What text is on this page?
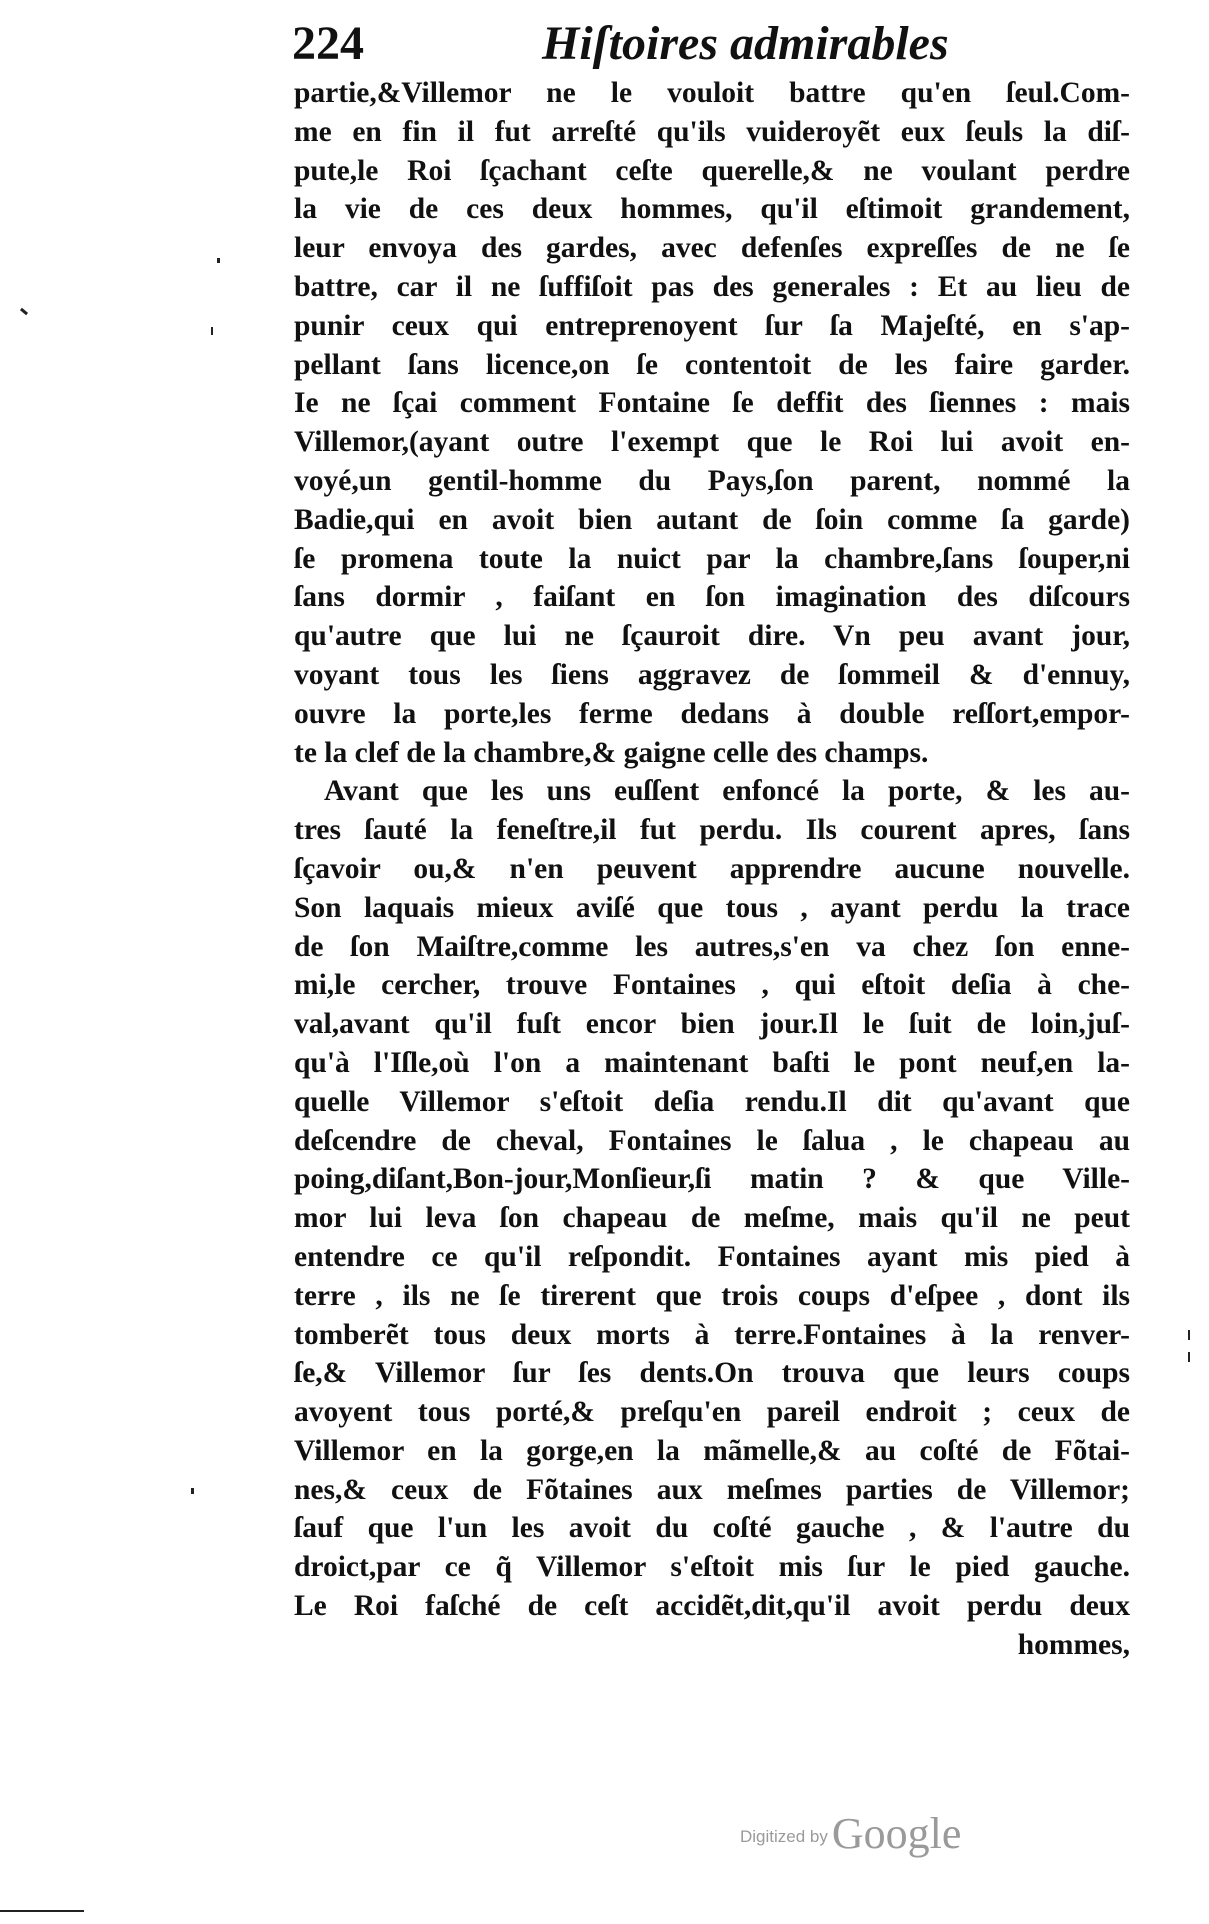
224	Hiſtoires admirables
partie,&Villemor ne le vouloit battre qu'en ſeul.Com-
me en fin il fut arreſté qu'ils vuideroyẽt eux ſeuls la diſ-
pute,le Roi ſçachant ceſte querelle,& ne voulant perdre
la vie de ces deux hommes, qu'il eſtimoit grandement,
leur envoya des gardes, avec defenſes expreſſes de ne ſe
battre, car il ne ſuffiſoit pas des generales : Et au lieu de
punir ceux qui entreprenoyent ſur ſa Majeſté, en s'ap-
pellant ſans licence,on ſe contentoit de les faire garder.
Ie ne ſçai comment Fontaine ſe deffit des ſiennes : mais
Villemor,(ayant outre l'exempt que le Roi lui avoit en-
voyé,un gentil-homme du Pays,ſon parent, nommé la
Badie,qui en avoit bien autant de ſoin comme ſa garde)
ſe promena toute la nuict par la chambre,ſans ſouper,ni
ſans dormir , faiſant en ſon imagination des diſcours
qu'autre que lui ne ſçauroit dire. Vn peu avant jour,
voyant tous les ſiens aggravez de ſommeil & d'ennuy,
ouvre la porte,les ferme dedans à double reſſort,empor-
te la clef de la chambre,& gaigne celle des champs.
Avant que les uns euſſent enfoncé la porte, & les au-
tres ſauté la feneſtre,il fut perdu. Ils courent apres, ſans
ſçavoir ou,& n'en peuvent apprendre aucune nouvelle.
Son laquais mieux aviſé que tous , ayant perdu la trace
de ſon Maiſtre,comme les autres,s'en va chez ſon enne-
mi,le cercher, trouve Fontaines , qui eſtoit deſia à che-
val,avant qu'il fuſt encor bien jour.Il le ſuit de loin,juſ-
qu'à l'Iſle,où l'on a maintenant baſti le pont neuf,en la-
quelle Villemor s'eſtoit deſia rendu.Il dit qu'avant que
deſcendre de cheval, Fontaines le ſalua , le chapeau au
poing,diſant,Bon-jour,Monſieur,ſi matin ? & que Ville-
mor lui leva ſon chapeau de meſme, mais qu'il ne peut
entendre ce qu'il reſpondit. Fontaines ayant mis pied à
terre , ils ne ſe tirerent que trois coups d'eſpee , dont ils
tomberẽt tous deux morts à terre.Fontaines à la renver-
ſe,& Villemor ſur ſes dents.On trouva que leurs coups
avoyent tous porté,& preſqu'en pareil endroit ; ceux de
Villemor en la gorge,en la mãmelle,& au coſté de Fõtai-
nes,& ceux de Fõtaines aux meſmes parties de Villemor;
ſauf que l'un les avoit du coſté gauche , & l'autre du
droict,par ce q̃ Villemor s'eſtoit mis ſur le pied gauche.
Le Roi faſché de ceſt accidẽt,dit,qu'il avoit perdu deux
hommes,
Digitized by Google
